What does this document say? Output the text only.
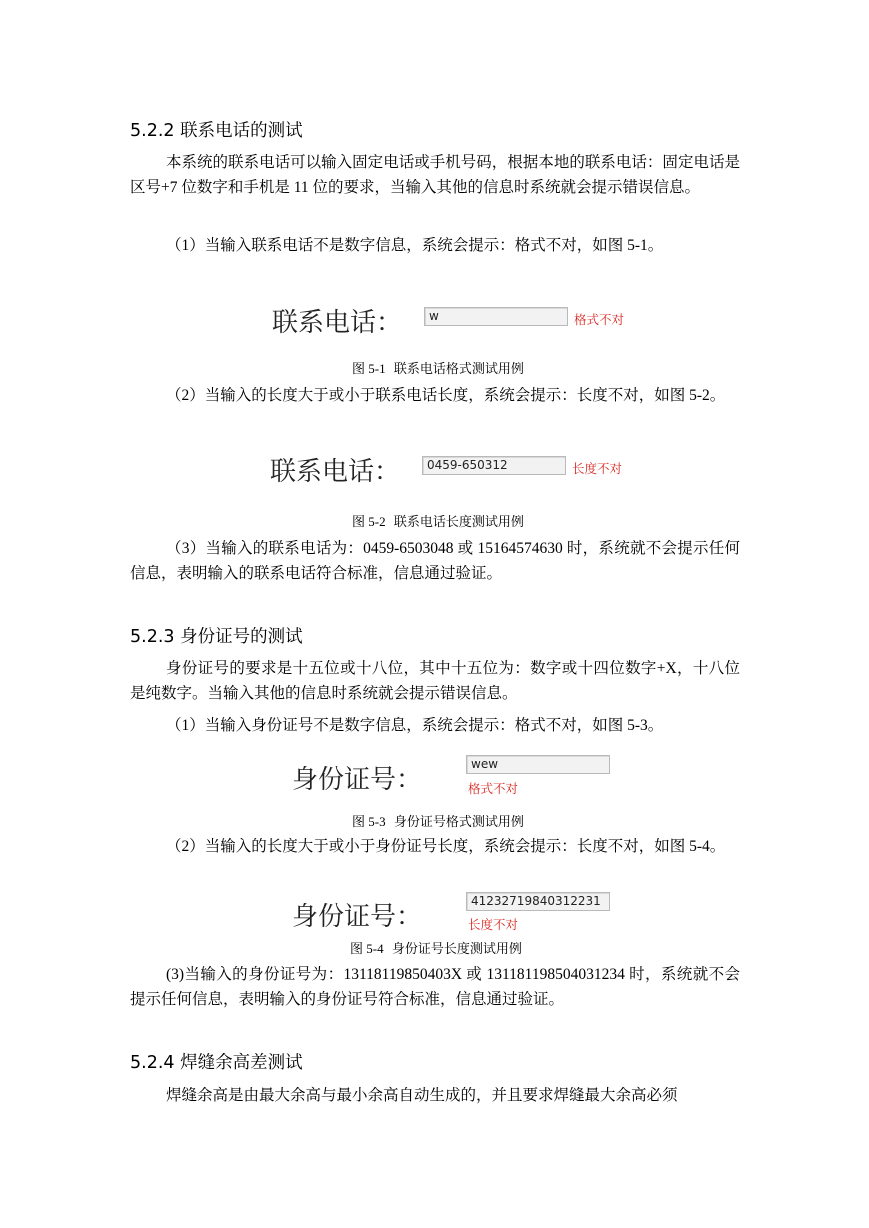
5.2.2 联系电话的测试
本系统的联系电话可以输入固定电话或手机号码，根据本地的联系电话：固定电话是区号+7 位数字和手机是 11 位的要求，当输入其他的信息时系统就会提示错误信息。
（1）当输入联系电话不是数字信息，系统会提示：格式不对，如图 5-1。
联系电话：	w	格式不对
图 5-1 联系电话格式测试用例
（2）当输入的长度大于或小于联系电话长度，系统会提示：长度不对，如图 5-2。
联系电话：	0459-650312	长度不对
图 5-2 联系电话长度测试用例
（3）当输入的联系电话为：0459-6503048 或 15164574630 时，系统就不会提示任何信息，表明输入的联系电话符合标准，信息通过验证。
5.2.3 身份证号的测试
身份证号的要求是十五位或十八位，其中十五位为：数字或十四位数字+X，十八位是纯数字。当输入其他的信息时系统就会提示错误信息。
（1）当输入身份证号不是数字信息，系统会提示：格式不对，如图 5-3。
身份证号：
wew
格式不对
图 5-3 身份证号格式测试用例
（2）当输入的长度大于或小于身份证号长度，系统会提示：长度不对，如图 5-4。
身份证号：
41232719840312231
长度不对
图 5-4 身份证号长度测试用例
(3)当输入的身份证号为：13118119850403X 或 131181198504031234 时，系统就不会提示任何信息，表明输入的身份证号符合标准，信息通过验证。
5.2.4 焊缝余高差测试
焊缝余高是由最大余高与最小余高自动生成的，并且要求焊缝最大余高必须
